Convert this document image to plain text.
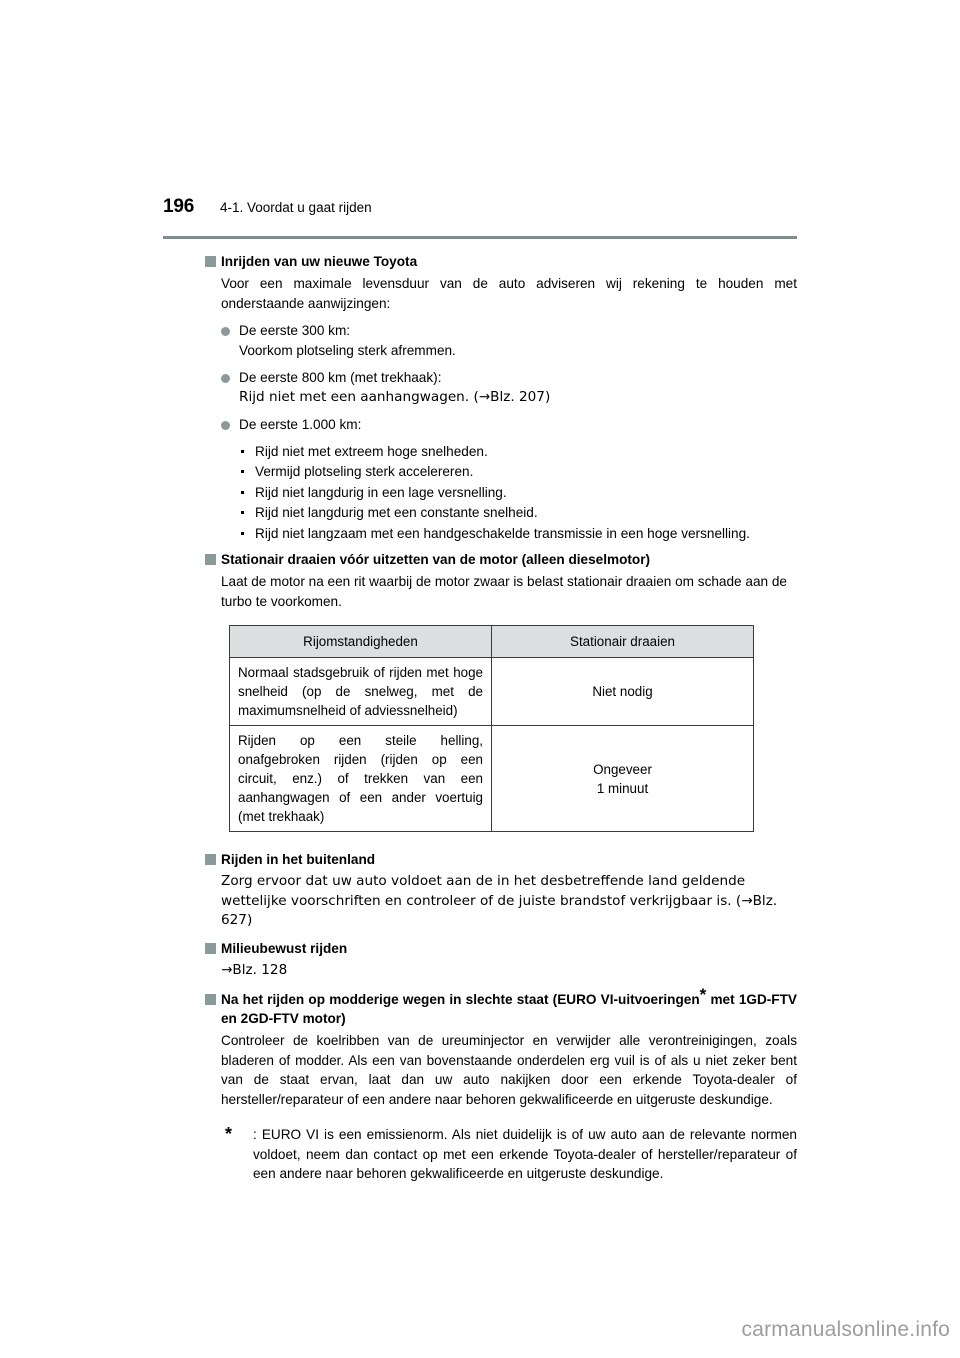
196 4-1. Voordat u gaat rijden
Inrijden van uw nieuwe Toyota
Voor een maximale levensduur van de auto adviseren wij rekening te houden met onderstaande aanwijzingen:
De eerste 300 km:
Voorkom plotseling sterk afremmen.
De eerste 800 km (met trekhaak):
Rijd niet met een aanhangwagen. (→Blz. 207)
De eerste 1.000 km:
Rijd niet met extreem hoge snelheden.
Vermijd plotseling sterk accelereren.
Rijd niet langdurig in een lage versnelling.
Rijd niet langdurig met een constante snelheid.
Rijd niet langzaam met een handgeschakelde transmissie in een hoge versnelling.
Stationair draaien vóór uitzetten van de motor (alleen dieselmotor)
Laat de motor na een rit waarbij de motor zwaar is belast stationair draaien om schade aan de turbo te voorkomen.
Rijomstandigheden	Stationair draaien
Normaal stadsgebruik of rijden met hoge snelheid (op de snelweg, met de maximumsnelheid of adviessnelheid)	Niet nodig
Rijden op een steile helling, onafgebroken rijden (rijden op een circuit, enz.) of trekken van een aanhangwagen of een ander voertuig (met trekhaak)	Ongeveer
1 minuut
Rijden in het buitenland
Zorg ervoor dat uw auto voldoet aan de in het desbetreffende land geldende wettelijke voorschriften en controleer of de juiste brandstof verkrijgbaar is. (→Blz. 627)
Milieubewust rijden
→Blz. 128
Na het rijden op modderige wegen in slechte staat (EURO VI-uitvoeringen* met 1GD-FTV en 2GD-FTV motor)
Controleer de koelribben van de ureuminjector en verwijder alle verontreinigingen, zoals bladeren of modder. Als een van bovenstaande onderdelen erg vuil is of als u niet zeker bent van de staat ervan, laat dan uw auto nakijken door een erkende Toyota-dealer of hersteller/reparateur of een andere naar behoren gekwalificeerde en uitgeruste deskundige.
* : EURO VI is een emissienorm. Als niet duidelijk is of uw auto aan de relevante normen voldoet, neem dan contact op met een erkende Toyota-dealer of hersteller/reparateur of een andere naar behoren gekwalificeerde en uitgeruste deskundige.
carmanualsonline.info
